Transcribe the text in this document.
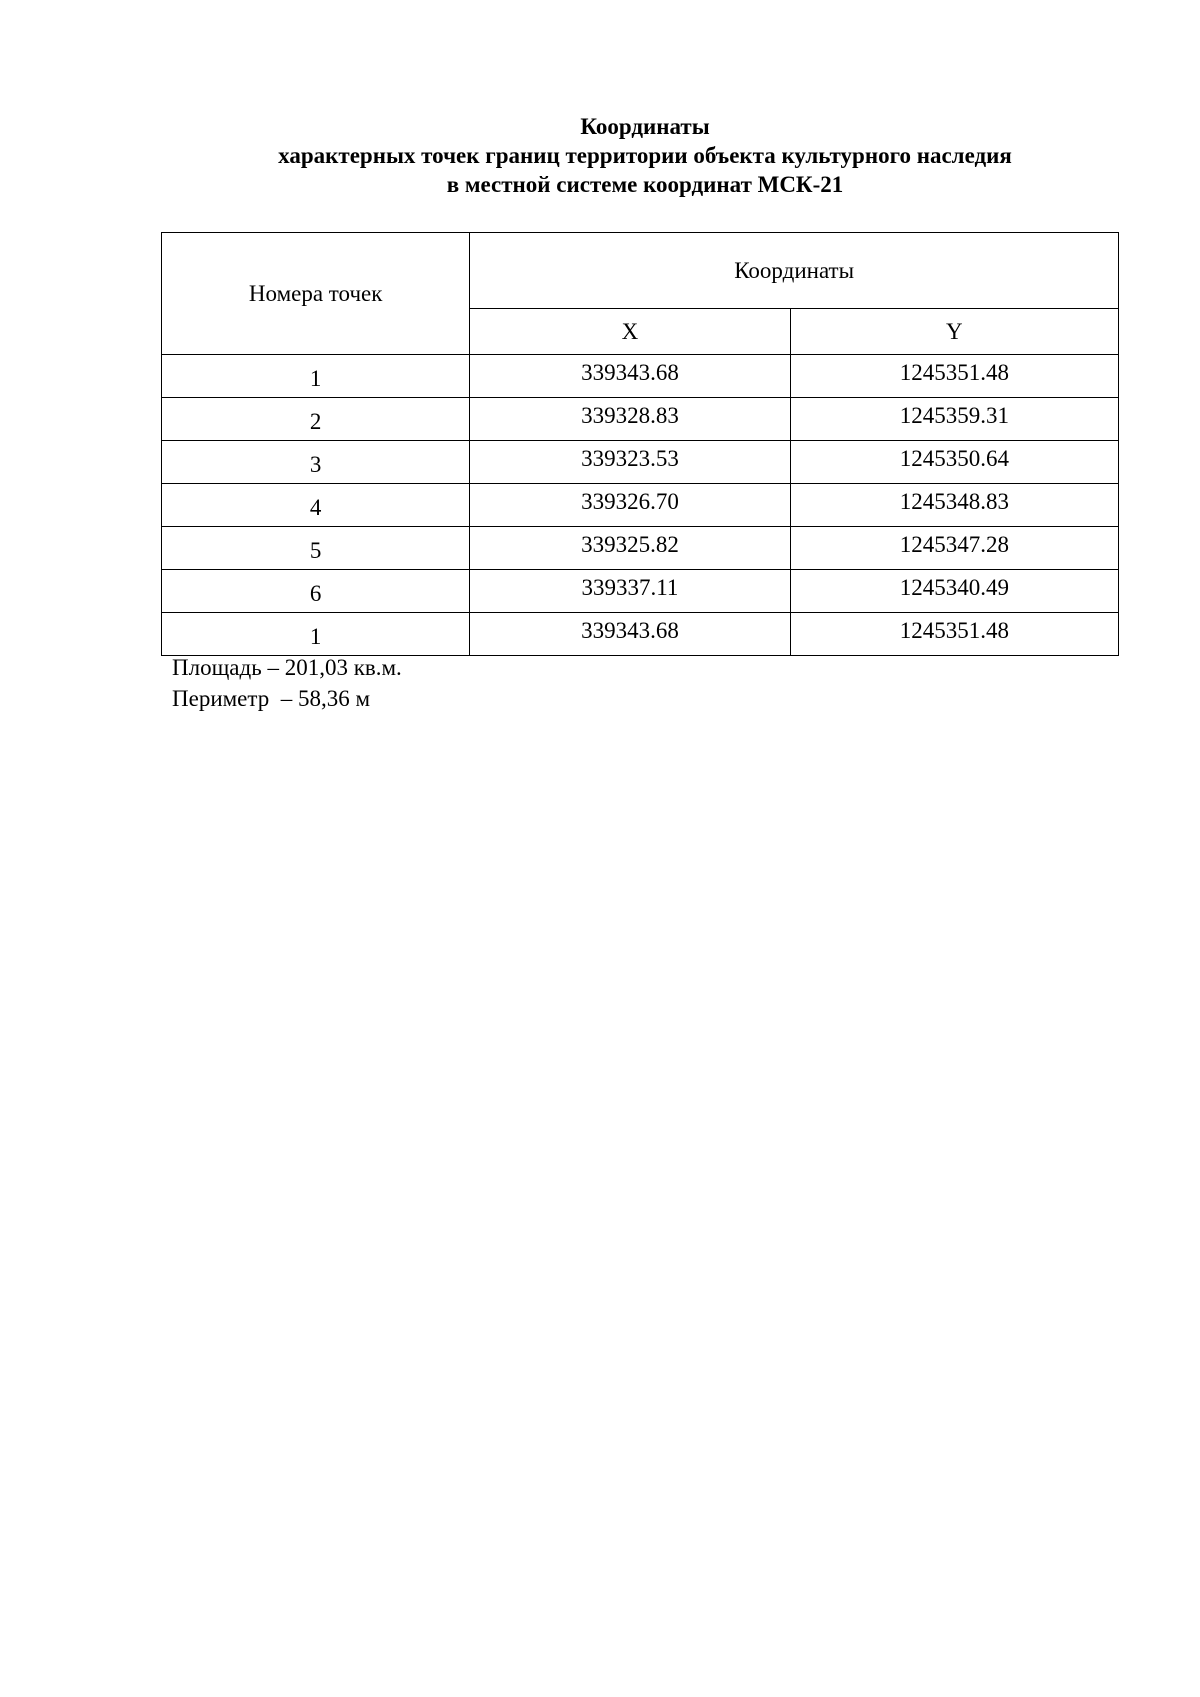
Координаты
характерных точек границ территории объекта культурного наследия
в местной системе координат МСК-21
Номера точек	Координаты	
	X	Y
1	339343.68	1245351.48
2	339328.83	1245359.31
3	339323.53	1245350.64
4	339326.70	1245348.83
5	339325.82	1245347.28
6	339337.11	1245340.49
1	339343.68	1245351.48
Площадь – 201,03 кв.м.
Периметр  – 58,36 м
